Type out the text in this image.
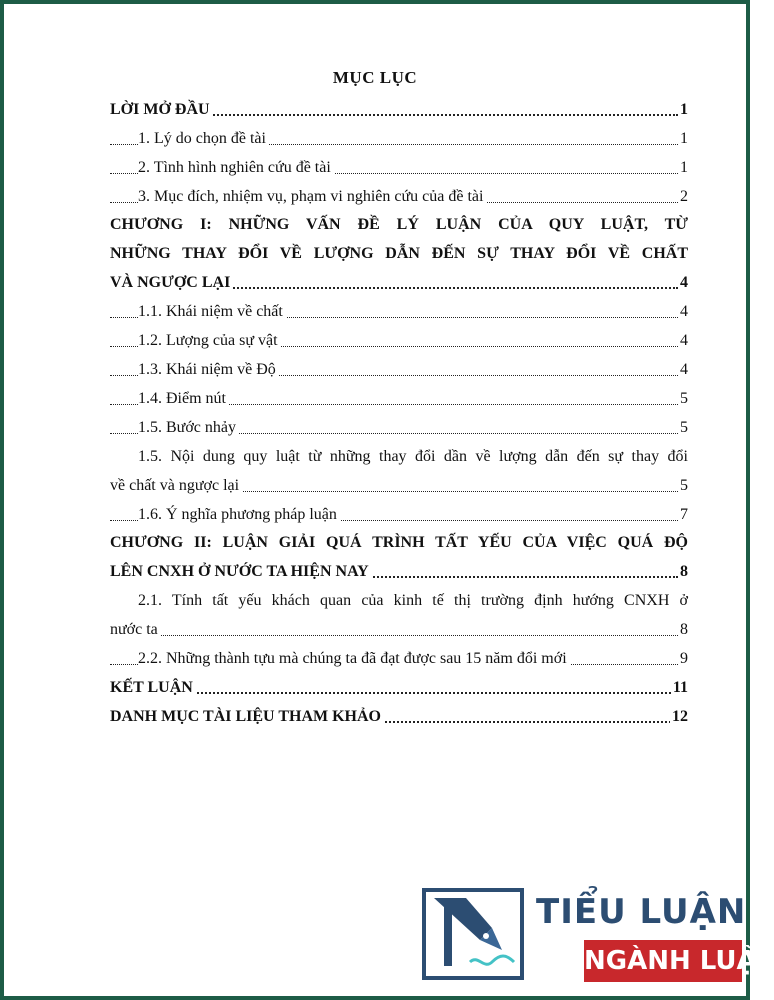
MỤC LỤC
LỜI MỞ ĐẦU	1
1. Lý do chọn đề tài	1
2. Tình hình nghiên cứu đề tài	1
3. Mục đích, nhiệm vụ, phạm vi nghiên cứu của đề tài	2
CHƯƠNG I: NHỮNG VẤN ĐỀ LÝ LUẬN CỦA QUY LUẬT, TỪ
NHỮNG THAY ĐỔI VỀ LƯỢNG DẪN ĐẾN SỰ THAY ĐỔI VỀ CHẤT
VÀ NGƯỢC LẠI	4
1.1. Khái niệm về chất	4
1.2. Lượng của sự vật	4
1.3. Khái niệm về Độ	4
1.4. Điểm nút	5
1.5. Bước nhảy	5
1.5. Nội dung quy luật từ những thay đổi dần về lượng dẫn đến sự thay đổi
về chất và ngược lại	5
1.6. Ý nghĩa phương pháp luận	7
CHƯƠNG II: LUẬN GIẢI QUÁ TRÌNH TẤT YẾU CỦA VIỆC QUÁ ĐỘ
LÊN CNXH Ở NƯỚC TA HIỆN NAY	8
2.1. Tính tất yếu khách quan của kinh tế thị trường định hướng CNXH ở
nước ta	8
2.2. Những thành tựu mà chúng ta đã đạt được sau 15 năm đổi mới	9
KẾT LUẬN	11
DANH MỤC TÀI LIỆU THAM KHẢO	12
TIỂU LUẬN
NGÀNH LUẬT
